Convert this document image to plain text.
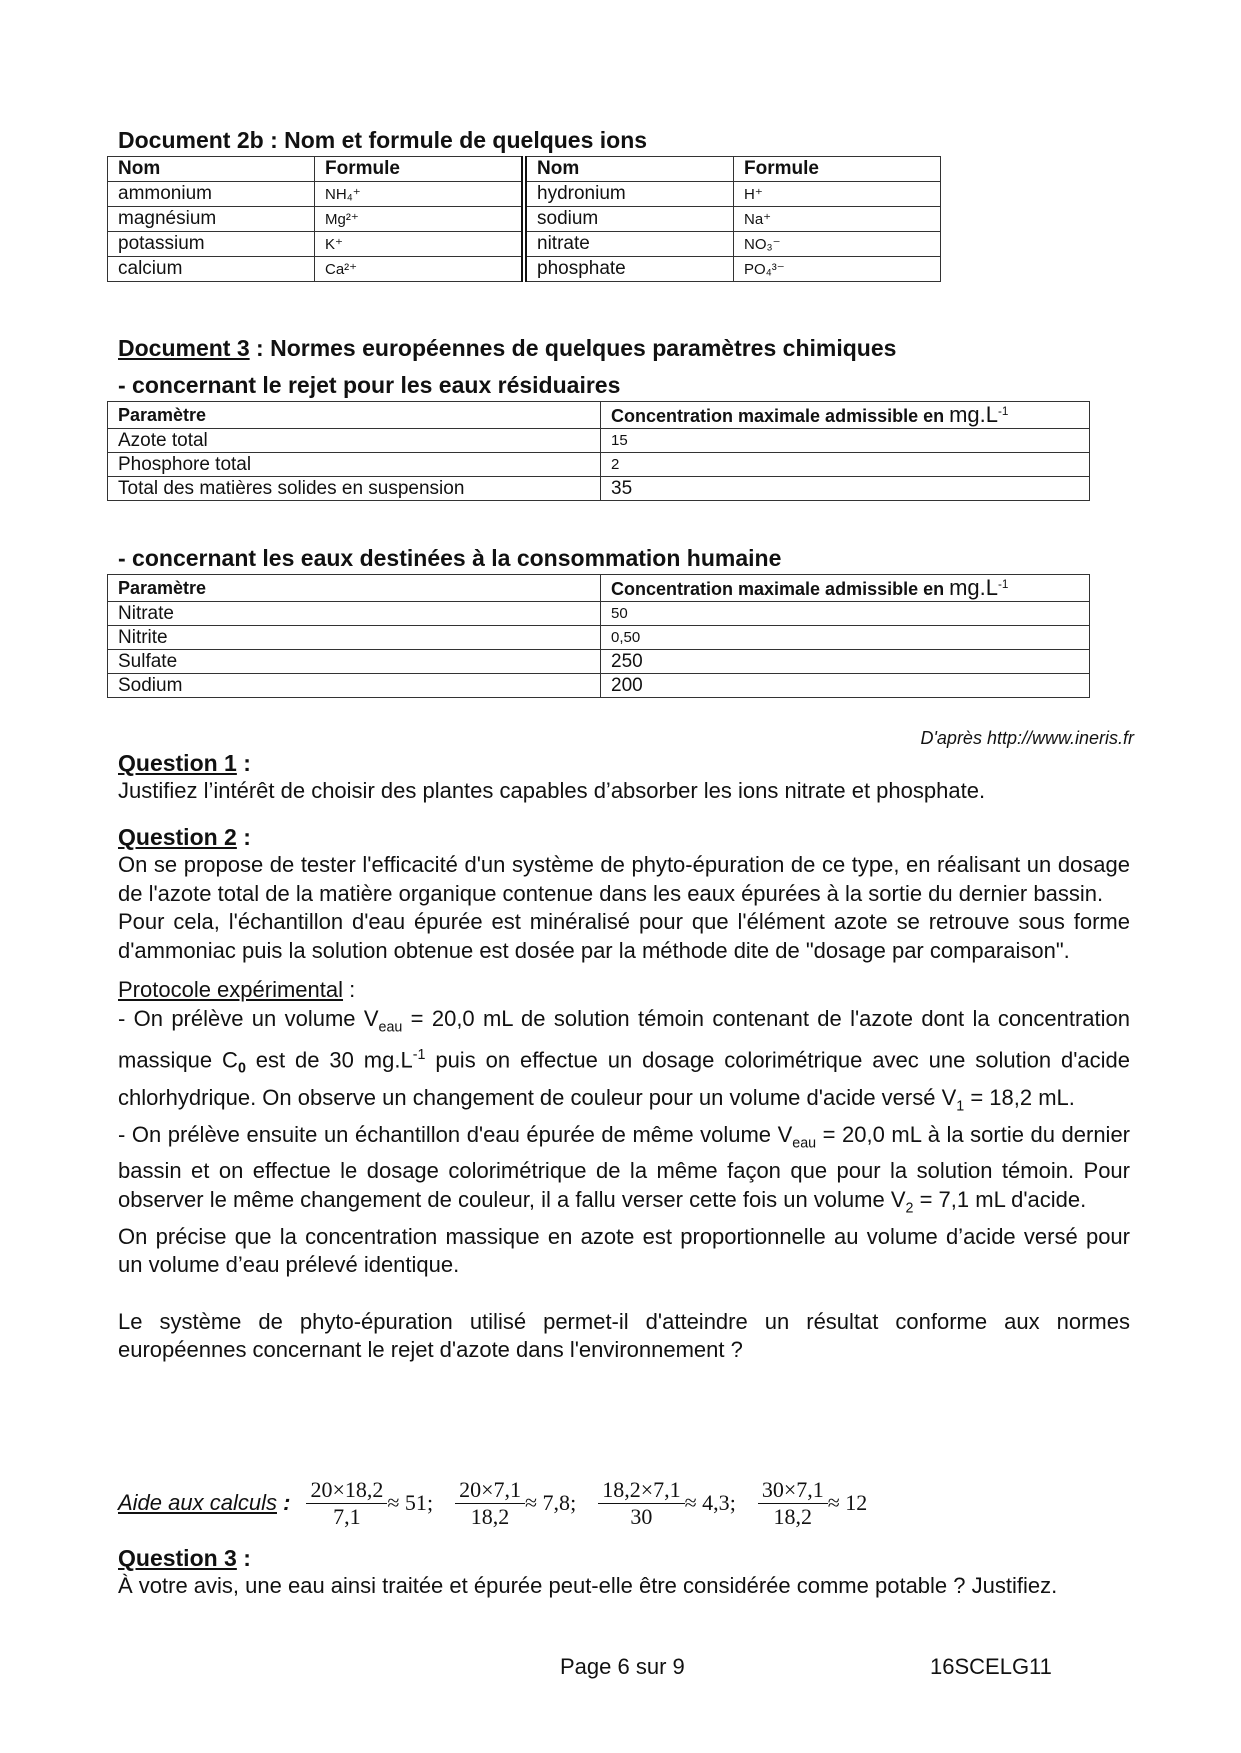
Document 2b : Nom et formule de quelques ions
Nom	Formule	Nom	Formule
ammonium	NH₄⁺	hydronium	H⁺
magnésium	Mg²⁺	sodium	Na⁺
potassium	K⁺	nitrate	NO₃⁻
calcium	Ca²⁺	phosphate	PO₄³⁻
Document 3 : Normes européennes de quelques paramètres chimiques
- concernant le rejet pour les eaux résiduaires
Paramètre	Concentration maximale admissible en $mg.L^{-1}$
Azote total	15
Phosphore total	2
Total des matières solides en suspension	35
- concernant les eaux destinées à la consommation humaine
Paramètre	Concentration maximale admissible en $mg.L^{-1}$
Nitrate	50
Nitrite	0,50
Sulfate	250
Sodium	200
D'après http://www.ineris.fr
Question 1 :

Justifiez l’intérêt de choisir des plantes capables d’absorber les ions nitrate et phosphate.

Question 2 :

On se propose de tester l'efficacité d'un système de phyto-épuration de ce type, en réalisant un dosage de l'azote total de la matière organique contenue dans les eaux épurées à la sortie du dernier bassin.

Pour cela, l'échantillon d'eau épurée est minéralisé pour que l'élément azote se retrouve sous forme d'ammoniac puis la solution obtenue est dosée par la méthode dite de "dosage par comparaison".

Protocole expérimental :

- On prélève un volume $V_{eau} = 20,0$ mL de solution témoin contenant de l'azote dont la concentration massique $C_0$ est de 30 $mg.L^{-1}$ puis on effectue un dosage colorimétrique avec une solution d'acide chlorhydrique. On observe un changement de couleur pour un volume d'acide versé $V_1 = 18,2$ mL.

- On prélève ensuite un échantillon d'eau épurée de même volume $V_{eau} = 20,0$ mL à la sortie du dernier bassin et on effectue le dosage colorimétrique de la même façon que pour la solution témoin. Pour observer le même changement de couleur, il a fallu verser cette fois un volume $V_2 = 7,1$ mL d'acide.

On précise que la concentration massique en azote est proportionnelle au volume d’acide versé pour un volume d’eau prélevé identique.

Le système de phyto-épuration utilisé permet-il d'atteindre un résultat conforme aux normes européennes concernant le rejet d'azote dans l'environnement ?

Aide aux calculs : $\frac{20\times 18,2}{7,1} \approx 51$ ; $\frac{20\times 7,1}{18,2} \approx 7,8$ ; $\frac{18,2\times 7,1}{30} \approx 4,3$ ; $\frac{30\times 7,1}{18,2} \approx 12$
Question 3 :

À votre avis, une eau ainsi traitée et épurée peut-elle être considérée comme potable ? Justifiez.

Page 6 sur 9	16SCELG11
